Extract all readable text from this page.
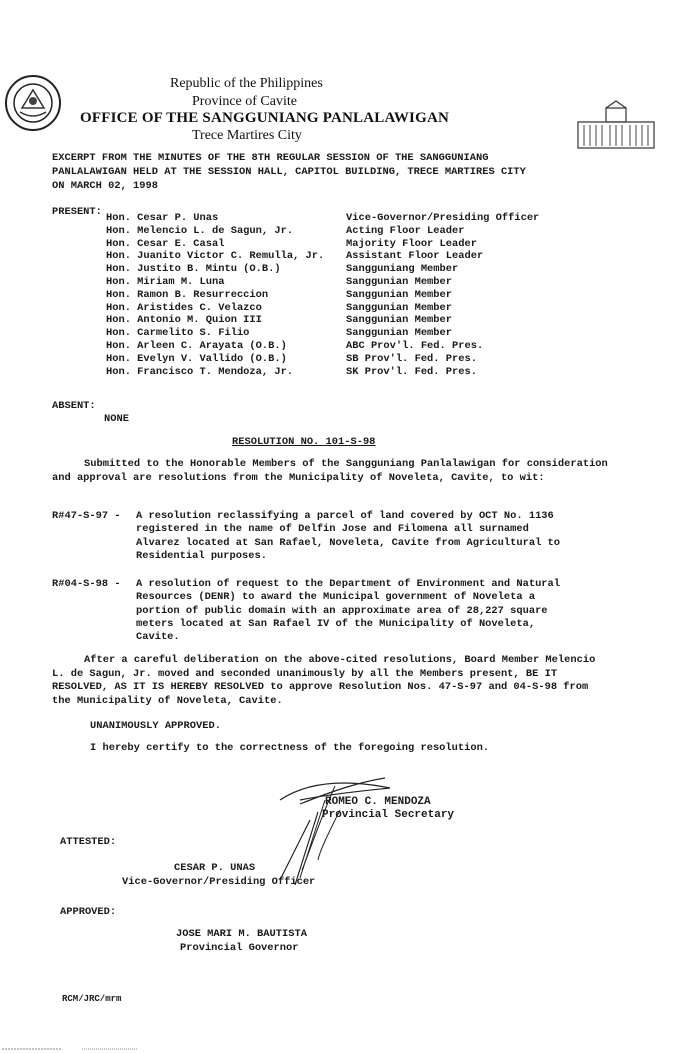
Republic of the Philippines
Province of Cavite
OFFICE OF THE SANGGUNIANG PANLALAWIGAN
Trece Martires City
EXCERPT FROM THE MINUTES OF THE 8TH REGULAR SESSION OF THE SANGGUNIANG
PANLALAWIGAN HELD AT THE SESSION HALL, CAPITOL BUILDING, TRECE MARTIRES CITY
ON MARCH 02, 1998
PRESENT: Hon. Cesar P. Unas	Vice-Governor/Presiding Officer
Hon. Melencio L. de Sagun, Jr.	Acting Floor Leader
Hon. Cesar E. Casal	Majority Floor Leader
Hon. Juanito Victor C. Remulla, Jr. Assistant Floor Leader
Hon. Justito B. Mintu (O.B.)	Sangguniang Member
Hon. Miriam M. Luna	Sanggunian Member
Hon. Ramon B. Resurreccion	Sanggunian Member
Hon. Aristides C. Velazco	Sanggunian Member
Hon. Antonio M. Quion III	Sanggunian Member
Hon. Carmelito S. Filio	Sanggunian Member
Hon. Arleen C. Arayata (O.B.)	ABC Prov'l. Fed. Pres.
Hon. Evelyn V. Vallido (O.B.)	SB Prov'l. Fed. Pres.
Hon. Francisco T. Mendoza, Jr.	SK Prov'l. Fed. Pres.
ABSENT:
NONE
RESOLUTION NO. 101-S-98
Submitted to the Honorable Members of the Sangguniang Panlalawigan for consideration and approval are resolutions from the Municipality of Noveleta, Cavite, to wit:
R#47-S-97 - A resolution reclassifying a parcel of land covered by OCT No. 1136 registered in the name of Delfin Jose and Filomena all surnamed Alvarez located at San Rafael, Noveleta, Cavite from Agricultural to Residential purposes.
R#04-S-98 - A resolution of request to the Department of Environment and Natural Resources (DENR) to award the Municipal government of Noveleta a portion of public domain with an approximate area of 28,227 square meters located at San Rafael IV of the Municipality of Noveleta, Cavite.
After a careful deliberation on the above-cited resolutions, Board Member Melencio L. de Sagun, Jr. moved and seconded unanimously by all the Members present, BE IT RESOLVED, AS IT IS HEREBY RESOLVED to approve Resolution Nos. 47-S-97 and 04-S-98 from the Municipality of Noveleta, Cavite.
UNANIMOUSLY APPROVED.
I hereby certify to the correctness of the foregoing resolution.
ROMEO C. MENDOZA
Provincial Secretary
ATTESTED:
CESAR P. UNAS
Vice-Governor/Presiding Officer
APPROVED:
JOSE MARI M. BAUTISTA
Provincial Governor
RCM/JRC/mrm
